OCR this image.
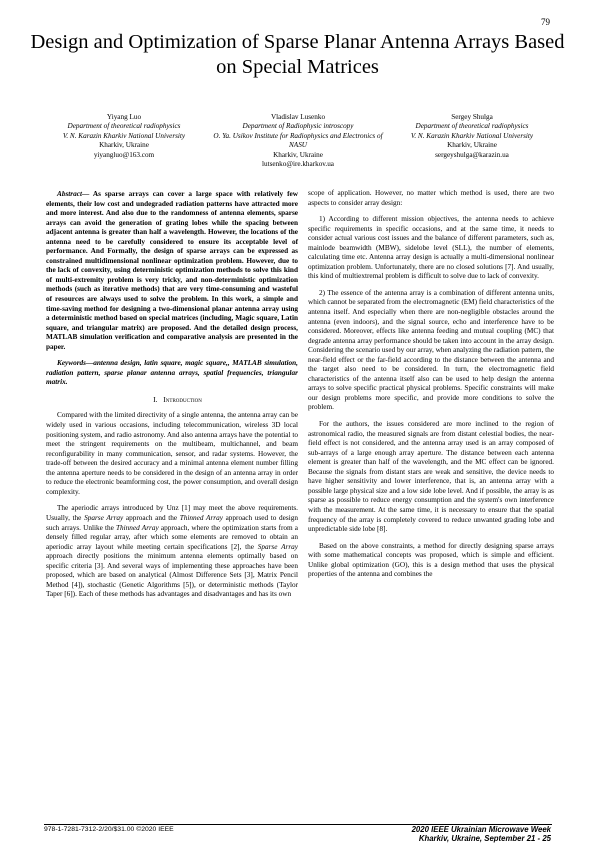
79
Design and Optimization of Sparse Planar Antenna Arrays Based on Special Matrices
Yiyang Luo
Department of theoretical radiophysics
V. N. Karazin Kharkiv National University
Kharkiv, Ukraine
yiyangluo@163.com
Vladislav Lusenko
Department of Radiophysic introscopy
O. Ya. Usikov Institute for Radiophysics and Electronics of NASU
Kharkiv, Ukraine
lutsenko@ire.kharkov.ua
Sergey Shulga
Department of theoretical radiophysics
V. N. Karazin Kharkiv National University
Kharkiv, Ukraine
sergeyshulga@karazin.ua

Abstract— As sparse arrays can cover a large space with relatively few elements, their low cost and undegraded radiation patterns have attracted more and more interest. And also due to the randomness of antenna elements, sparse arrays can avoid the generation of grating lobes while the spacing between adjacent antenna is greater than half a wavelength. However, the locations of the antenna need to be carefully considered to ensure its acceptable level of performance. And Formally, the design of sparse arrays can be expressed as constrained multidimensional nonlinear optimization problem. However, due to the lack of convexity, using deterministic optimization methods to solve this kind of multi-extremity problem is very tricky, and non-deterministic optimization methods (such as iterative methods) that are very time-consuming and wasteful of resources are always used to solve the problem. In this work, a simple and time-saving method for designing a two-dimensional planar antenna array using a deterministic method based on special matrices (including, Magic square, Latin square, and triangular matrix) are proposed. And the detailed design process, MATLAB simulation verification and comparative analysis are presented in the paper.

Keywords—antenna design, latin square, magic square,, MATLAB simulation, radiation pattern, sparse planar antenna arrays, spatial frequencies, triangular matrix.

I. Introduction

Compared with the limited directivity of a single antenna, the antenna array can be widely used in various occasions, including telecommunication, wireless 3D local positioning system, and radio astronomy. And also antenna arrays have the potential to meet the stringent requirements on the multibeam, multichannel, and beam reconfigurability in many communication, sensor, and radar systems. However, the trade-off between the desired accuracy and a minimal antenna element number filling the antenna aperture needs to be considered in the design of an antenna array in order to reduce the electronic beamforming cost, the power consumption, and overall design complexity.

The aperiodic arrays introduced by Unz [1] may meet the above requirements. Usually, the Sparse Array approach and the Thinned Array approach used to design such arrays. Unlike the Thinned Array approach, where the optimization starts from a densely filled regular array, after which some elements are removed to obtain an aperiodic array layout while meeting certain specifications [2], the Sparse Array approach directly positions the minimum antenna elements optimally based on specific criteria [3]. And several ways of implementing these approaches have been proposed, which are based on analytical (Almost Difference Sets [3], Matrix Pencil Method [4]), stochastic (Genetic Algorithms [5]), or deterministic methods (Taylor Taper [6]). Each of these methods has advantages and disadvantages and has its own

scope of application. However, no matter which method is used, there are two aspects to consider array design:

1) According to different mission objectives, the antenna needs to achieve specific requirements in specific occasions, and at the same time, it needs to consider actual various cost issues and the balance of different parameters, such as, mainlode beamwidth (MBW), sidelobe level (SLL), the number of elements, calculating time etc. Antenna array design is actually a multi-dimensional nonlinear optimization problem. Unfortunately, there are no closed solutions [7]. And usually, this kind of multiextremal problem is difficult to solve due to lack of convexity.

2) The essence of the antenna array is a combination of different antenna units, which cannot be separated from the electromagnetic (EM) field characteristics of the antenna itself. And especially when there are non-negligible obstacles around the antenna (even indoors), and the signal source, echo and interference have to be considered. Moreover, effects like antenna feeding and mutual coupling (MC) that degrade antenna array performance should be taken into account in the array design. Considering the scenario used by our array, when analyzing the radiation pattern, the near-field effect or the far-field according to the distance between the antenna and the target also need to be considered. In turn, the electromagnetic field characteristics of the antenna itself also can be used to help design the antenna arrays to solve specific practical physical problems. Specific constraints will make our design problems more specific, and provide more conditions to solve the problem.

For the authors, the issues considered are more inclined to the region of astronomical radio, the measured signals are from distant celestial bodies, the near-field effect is not considered, and the antenna array used is an array composed of sub-arrays of a large enough array aperture. The distance between each antenna element is greater than half of the wavelength, and the MC effect can be ignored. Because the signals from distant stars are weak and sensitive, the device needs to have higher sensitivity and lower interference, that is, an antenna array with a possible large physical size and a low side lobe level. And if possible, the array is as sparse as possible to reduce energy consumption and the system's own interference with the measurement. At the same time, it is necessary to ensure that the spatial frequency of the array is completely covered to reduce unwanted grading lobe and unpredictable side lobe [8].

Based on the above constraints, a method for directly designing sparse arrays with some mathematical concepts was proposed, which is simple and efficient. Unlike global optimization (GO), this is a design method that uses the physical properties of the antenna and combines the

978-1-7281-7312-2/20/$31.00 ©2020 IEEE	2020 IEEE Ukrainian Microwave Week
Kharkiv, Ukraine, September 21 - 25
